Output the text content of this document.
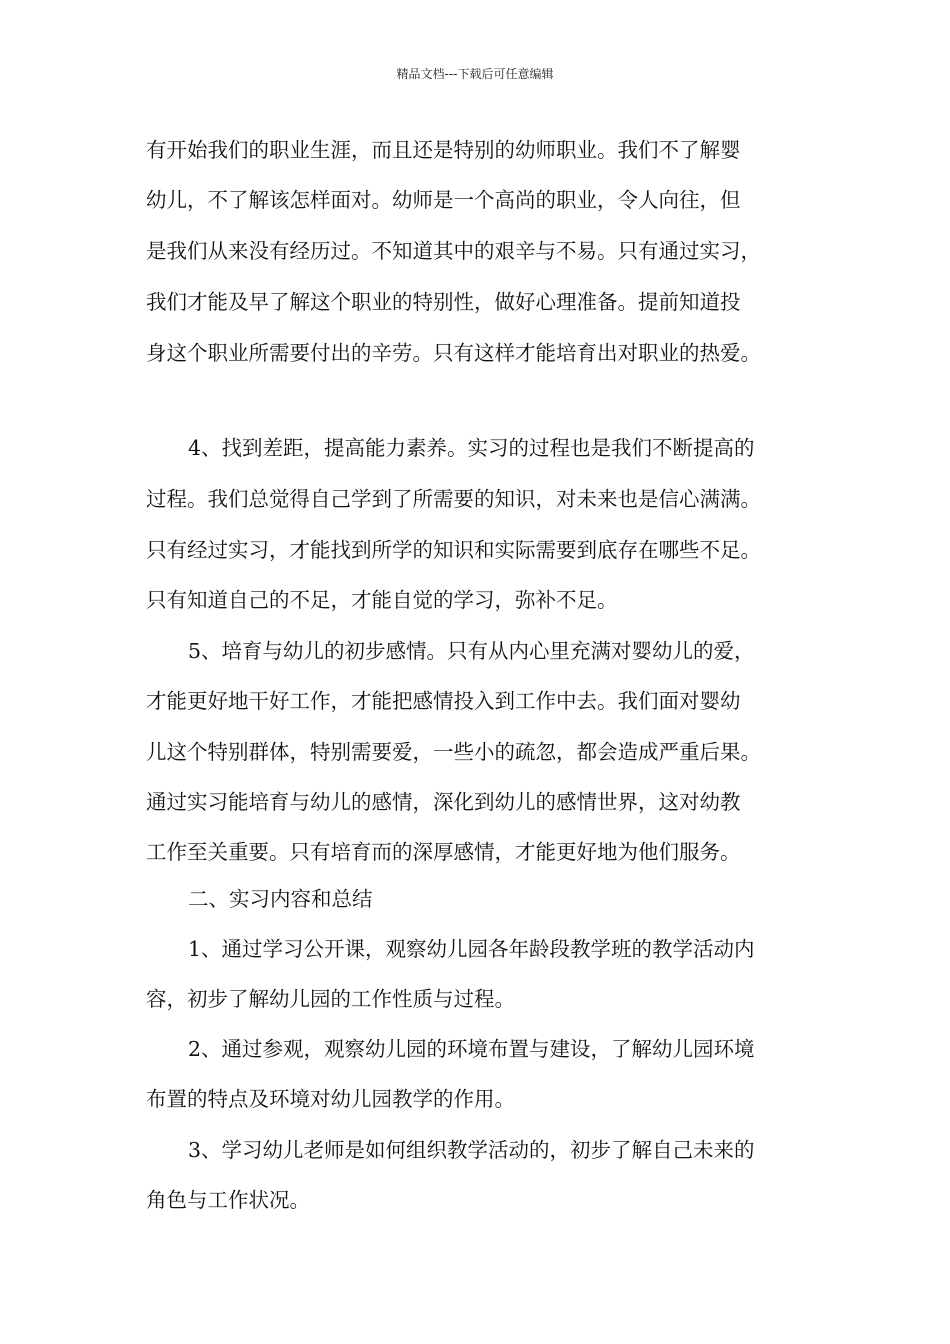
精品文档---下载后可任意编辑
有开始我们的职业生涯，而且还是特别的幼师职业。我们不了解婴
幼儿，不了解该怎样面对。幼师是一个高尚的职业，令人向往，但
是我们从来没有经历过。不知道其中的艰辛与不易。只有通过实习，
我们才能及早了解这个职业的特别性，做好心理准备。提前知道投
身这个职业所需要付出的辛劳。只有这样才能培育出对职业的热爱。
4、找到差距，提高能力素养。实习的过程也是我们不断提高的
过程。我们总觉得自己学到了所需要的知识，对未来也是信心满满。
只有经过实习，才能找到所学的知识和实际需要到底存在哪些不足。
只有知道自己的不足，才能自觉的学习，弥补不足。
5、培育与幼儿的初步感情。只有从内心里充满对婴幼儿的爱，
才能更好地干好工作，才能把感情投入到工作中去。我们面对婴幼
儿这个特别群体，特别需要爱，一些小的疏忽，都会造成严重后果。
通过实习能培育与幼儿的感情，深化到幼儿的感情世界，这对幼教
工作至关重要。只有培育而的深厚感情，才能更好地为他们服务。
二、实习内容和总结
1、通过学习公开课，观察幼儿园各年龄段教学班的教学活动内
容，初步了解幼儿园的工作性质与过程。
2、通过参观，观察幼儿园的环境布置与建设，了解幼儿园环境
布置的特点及环境对幼儿园教学的作用。
3、学习幼儿老师是如何组织教学活动的，初步了解自己未来的
角色与工作状况。
